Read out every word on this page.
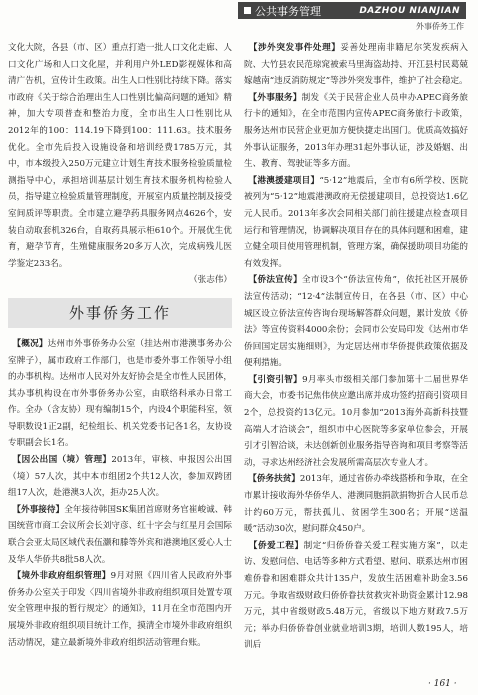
公共事务管理	DAZHOU NIANJIAN
外事侨务工作

文化大院，各县（市、区）重点打造一批人口文化走廊、人口文化广场和人口文化屋，并利用户外LED影视媒体和高清广告机，宣传计生政策。出生人口性别比持续下降。落实市政府《关于综合治理出生人口性别比偏高问题的通知》精神，加大专项普查和整治力度，全市出生人口性别比从2012年的100：114.19下降到100：111.63。技术服务优化。全市先后投入设施设备和培训经费1785万元，其中，市本级投入250万元建立计划生育技术服务检验质量检测指导中心，承担培训基层计划生育技术服务机构检验人员，指导建立检验质量管理制度，开展室内质量控制及接受室间质评等职责。全市建立避孕药具服务网点4626个，安装自动取套机326台，自取药具展示柜610个。开展优生优育，避孕节育，生殖健康服务20多万人次，完成病残儿医学鉴定233名。

（张志伟）

外事侨务工作

　【概况】达州市外事侨务办公室（挂达州市港澳事务办公室牌子），属市政府工作部门，也是市委外事工作领导小组的办事机构。达州市人民对外友好协会是全市性人民团体，其办事机构设在市外事侨务办公室，由联络科承办日常工作。全办（含友协）现有编制15个，内设4个职能科室，领导职数设1正2副，纪检组长、机关党委书记各1名，友协设专职副会长1名。

　【因公出国（境）管理】2013年，审核、申报因公出国（境）57人次，其中本市组团2个共12人次，参加双跨团组17人次，赴港澳3人次，拒办25人次。

　【外事接待】全年接待韩国SK集团首席财务官崔峻诚、韩国统营市商工会议所会长刘守彦、红十字会与红星月会国际联合会亚太局区域代表伍灏和滕等外宾和港澳地区爱心人士及华人华侨共8批58人次。

　【境外非政府组织管理】9月对照《四川省人民政府外事侨务办公室关于印发〈四川省境外非政府组织项目处置专项安全管理申报的暂行规定〉的通知》，11月在全市范围内开展境外非政府组织项目统计工作，摸清全市境外非政府组织活动情况，建立最新境外非政府组织活动管理台账。

　【涉外突发事件处理】妥善处理南非籍尼尔笑发疾病入院、大竹县农民范琼窕被索马里海盗劫持、开江县村民葛兢嫁越南“违反消防规定”等涉外突发事件，维护了社会稳定。

　【外事服务】制发《关于民营企业人员申办APEC商务旅行卡的通知》，在全市范围内宣传APEC商务旅行卡政策，服务达州市民营企业更加方便快捷走出国门。优质高效搞好外事认证服务，2013年办理31起外事认证，涉及婚姻、出生、教育、驾驶证等多方面。

　【港澳援建项目】“5·12”地震后，全市有6所学校、医院被列为“5·12”地震港澳政府无偿援建项目，总投资达1.6亿元人民币。2013年多次会同相关部门前往援建点检查项目运行和管理情况，协调解决项目存在的具体问题和困难，建立健全项目使用管理机制，管理方案，确保援助项目功能的有效发挥。

　【侨法宣传】全市设3个“侨法宣传角”，依托社区开展侨法宣传活动；“12·4”法制宣传日，在各县（市、区）中心城区设立侨法宣传咨询台现场解答群众问题，累计发放《侨法》等宣传资料4000余份；会同市公安局印发《达州市华侨回国定居实施细则》，为定居达州市华侨提供政策依据及便利措施。

　【引资引智】9月率头市级相关部门参加第十二届世界华商大会，市委书记焦伟侠应邀出席并成功签约招商引资项目2个，总投资约13亿元。10月参加“2013海外高新科技暨高端人才洽谈会”，组织市中心医院等多家单位参会，开展引才引智洽谈，未达创新创业服务指导咨询和项目考察等活动，寻求达州经济社会发展所需高层次专业人才。

　【侨务扶贫】2013年，通过省侨办牵线搭桥和争取，在全市累计接收海外华侨华人、港澳同胞捐款捐物折合人民币总计约60万元，帮扶孤儿、贫困学生300名；开展“送温暖”活动30次，慰问群众450户。

　【侨爱工程】制定“归侨侨眷关爱工程实施方案”，以走访、发慰问信、电话等多种方式看望、慰问、联系达州市困难侨眷和困难群众共计135户，发放生活困难补助金3.56万元。争取省级财政归侨侨眷扶贫救灾补助资金累计12.98万元，其中省级财政5.48万元，省级以下地方财政7.5万元；举办归侨侨眷创业就业培训3期，培训人数195人，培训后

· 161 ·
